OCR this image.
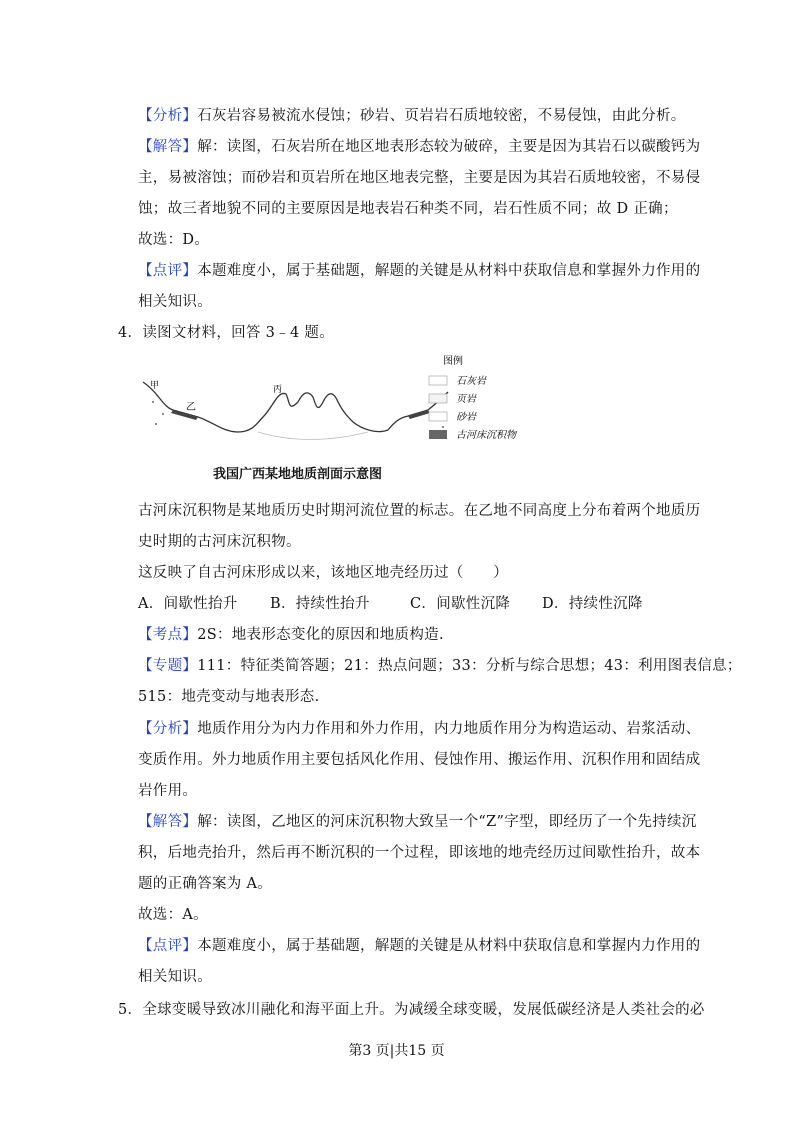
【分析】石灰岩容易被流水侵蚀；砂岩、页岩岩石质地较密，不易侵蚀，由此分析。
【解答】解：读图，石灰岩所在地区地表形态较为破碎，主要是因为其岩石以碳酸钙为
主，易被溶蚀；而砂岩和页岩所在地区地表完整，主要是因为其岩石质地较密，不易侵
蚀；故三者地貌不同的主要原因是地表岩石种类不同，岩石性质不同；故 D 正确；
故选：D。
【点评】本题难度小，属于基础题，解题的关键是从材料中获取信息和掌握外力作用的
相关知识。
4．读图文材料，回答 3﹣4 题。
古河床沉积物是某地质历史时期河流位置的标志。在乙地不同高度上分布着两个地质历
史时期的古河床沉积物。
这反映了自古河床形成以来，该地区地壳经历过（　　）
【考点】2S：地表形态变化的原因和地质构造.
【专题】111：特征类简答题；21：热点问题；33：分析与综合思想；43：利用图表信息；
515：地壳变动与地表形态.
【分析】地质作用分为内力作用和外力作用，内力地质作用分为构造运动、岩浆活动、
变质作用。外力地质作用主要包括风化作用、侵蚀作用、搬运作用、沉积作用和固结成
岩作用。
【解答】解：读图，乙地区的河床沉积物大致呈一个“Z”字型，即经历了一个先持续沉
积，后地壳抬升，然后再不断沉积的一个过程，即该地的地壳经历过间歇性抬升，故本
题的正确答案为 A。
故选：A。
【点评】本题难度小，属于基础题，解题的关键是从材料中获取信息和掌握内力作用的
相关知识。
5．全球变暖导致冰川融化和海平面上升。为减缓全球变暖，发展低碳经济是人类社会的必
A．间歇性抬升 B．持续性抬升	C．间歇性沉降 D．持续性沉降
甲
乙
丙
图例
石灰岩
页岩
砂岩
古河床沉积物
我国广西某地地质剖面示意图
第3 页|共15 页
